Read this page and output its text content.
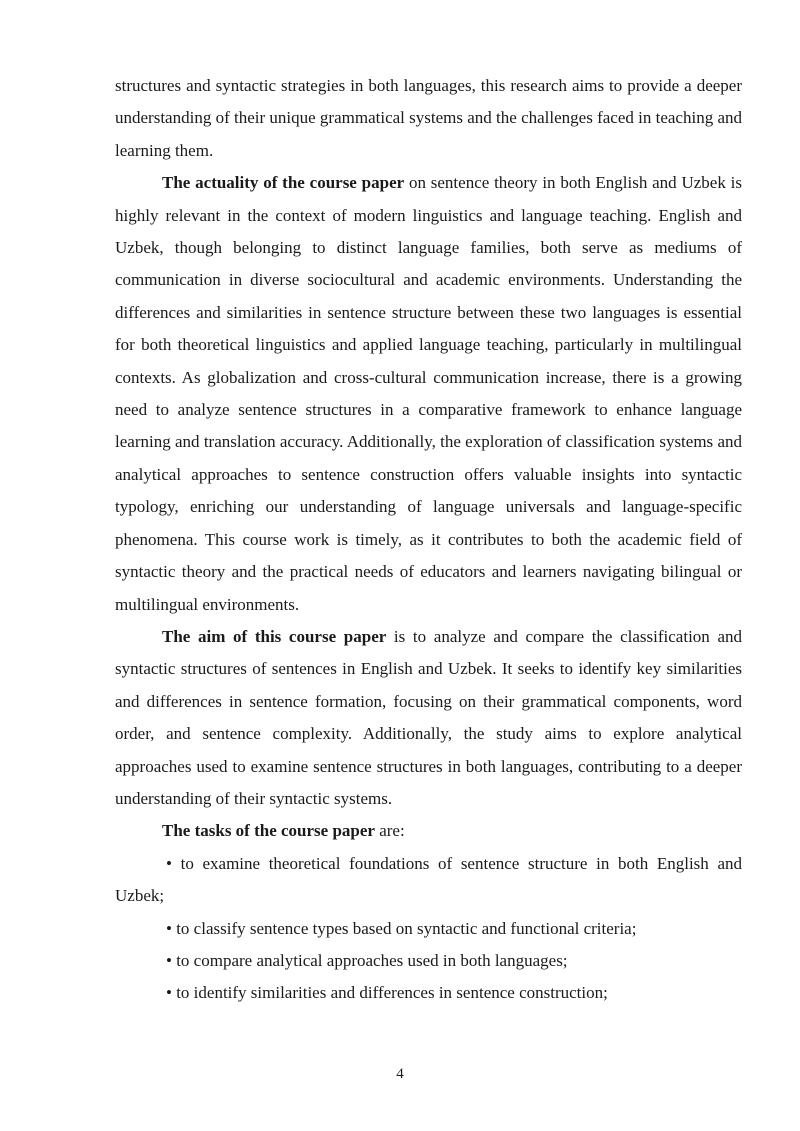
structures and syntactic strategies in both languages, this research aims to provide a deeper understanding of their unique grammatical systems and the challenges faced in teaching and learning them.

The actuality of the course paper on sentence theory in both English and Uzbek is highly relevant in the context of modern linguistics and language teaching. English and Uzbek, though belonging to distinct language families, both serve as mediums of communication in diverse sociocultural and academic environments. Understanding the differences and similarities in sentence structure between these two languages is essential for both theoretical linguistics and applied language teaching, particularly in multilingual contexts. As globalization and cross-cultural communication increase, there is a growing need to analyze sentence structures in a comparative framework to enhance language learning and translation accuracy. Additionally, the exploration of classification systems and analytical approaches to sentence construction offers valuable insights into syntactic typology, enriching our understanding of language universals and language-specific phenomena. This course work is timely, as it contributes to both the academic field of syntactic theory and the practical needs of educators and learners navigating bilingual or multilingual environments.

The aim of this course paper is to analyze and compare the classification and syntactic structures of sentences in English and Uzbek. It seeks to identify key similarities and differences in sentence formation, focusing on their grammatical components, word order, and sentence complexity. Additionally, the study aims to explore analytical approaches used to examine sentence structures in both languages, contributing to a deeper understanding of their syntactic systems.

The tasks of the course paper are:

• to examine theoretical foundations of sentence structure in both English and Uzbek;

• to classify sentence types based on syntactic and functional criteria;

• to compare analytical approaches used in both languages;

• to identify similarities and differences in sentence construction;

4
